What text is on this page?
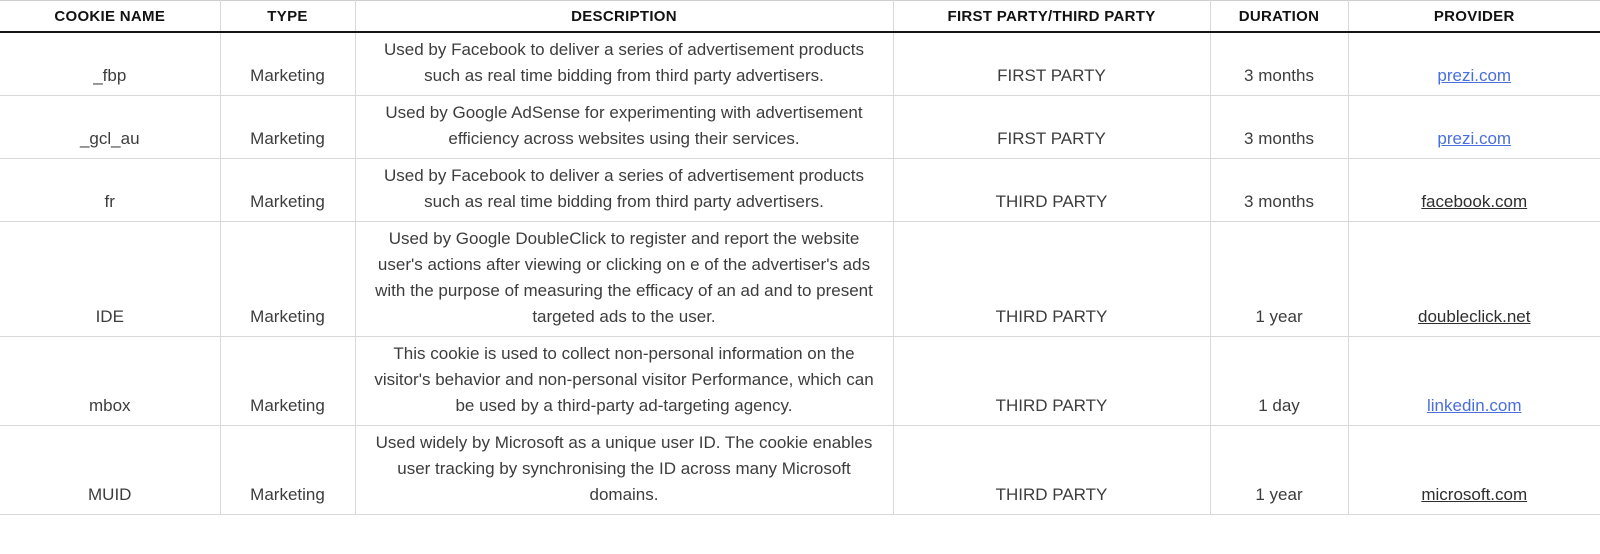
COOKIE NAME	TYPE	DESCRIPTION	FIRST PARTY/THIRD PARTY	DURATION	PROVIDER
_fbp	Marketing	Used by Facebook to deliver a series of advertisement products such as real time bidding from third party advertisers.	FIRST PARTY	3 months	prezi.com
_gcl_au	Marketing	Used by Google AdSense for experimenting with advertisement efficiency across websites using their services.	FIRST PARTY	3 months	prezi.com
fr	Marketing	Used by Facebook to deliver a series of advertisement products such as real time bidding from third party advertisers.	THIRD PARTY	3 months	facebook.com
IDE	Marketing	Used by Google DoubleClick to register and report the website user's actions after viewing or clicking on e of the advertiser's ads with the purpose of measuring the efficacy of an ad and to present targeted ads to the user.	THIRD PARTY	1 year	doubleclick.net
mbox	Marketing	This cookie is used to collect non-personal information on the visitor's behavior and non-personal visitor Performance, which can be used by a third-party ad-targeting agency.	THIRD PARTY	1 day	linkedin.com
MUID	Marketing	Used widely by Microsoft as a unique user ID. The cookie enables user tracking by synchronising the ID across many Microsoft domains.	THIRD PARTY	1 year	microsoft.com
